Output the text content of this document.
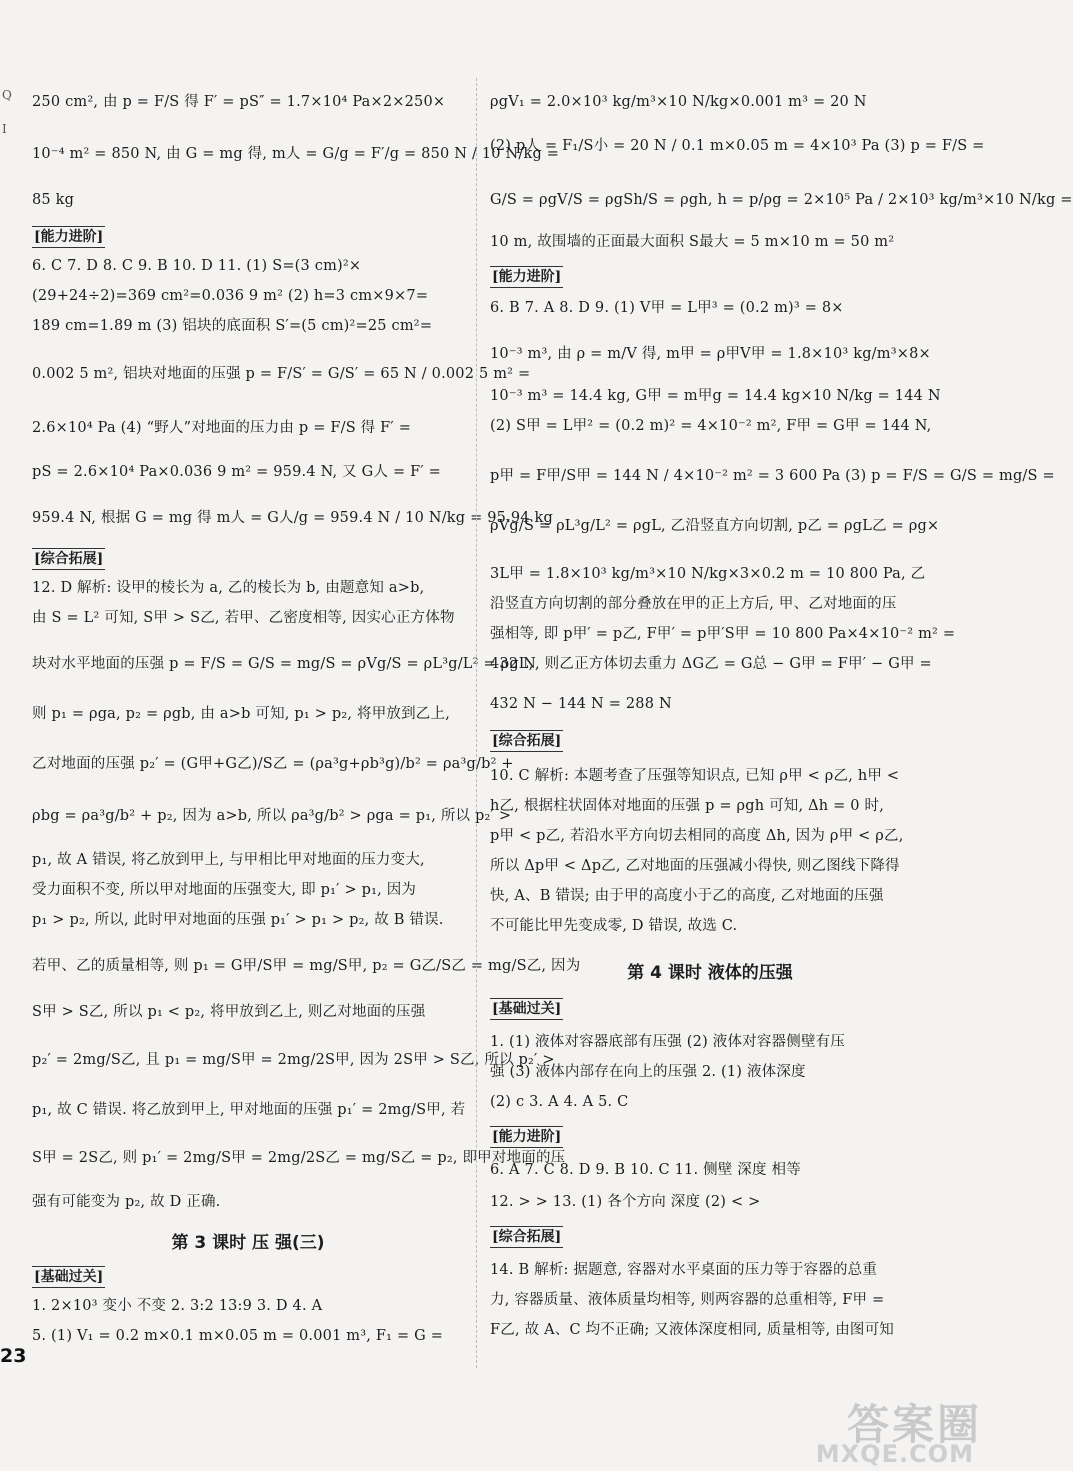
Q
I
250 cm², 由 p = F/S 得 F′ = pS″ = 1.7×10⁴ Pa×2×250×
10⁻⁴ m² = 850 N, 由 G = mg 得, m人 = G/g = F′/g = 850 N / 10 N/kg =
85 kg
[能力进阶]
6. C 7. D 8. C 9. B 10. D 11. (1) S=(3 cm)²×
(29+24÷2)=369 cm²=0.036 9 m² (2) h=3 cm×9×7=
189 cm=1.89 m (3) 铝块的底面积 S′=(5 cm)²=25 cm²=
0.002 5 m², 铝块对地面的压强 p = F/S′ = G/S′ = 65 N / 0.002 5 m² =
2.6×10⁴ Pa (4) “野人”对地面的压力由 p = F/S 得 F′ =
pS = 2.6×10⁴ Pa×0.036 9 m² = 959.4 N, 又 G人 = F′ =
959.4 N, 根据 G = mg 得 m人 = G人/g = 959.4 N / 10 N/kg = 95.94 kg
[综合拓展]
12. D 解析: 设甲的棱长为 a, 乙的棱长为 b, 由题意知 a>b,
由 S = L² 可知, S甲 > S乙, 若甲、乙密度相等, 因实心正方体物
块对水平地面的压强 p = F/S = G/S = mg/S = ρVg/S = ρL³g/L² = ρgL,
则 p₁ = ρga, p₂ = ρgb, 由 a>b 可知, p₁ > p₂, 将甲放到乙上,
乙对地面的压强 p₂′ = (G甲+G乙)/S乙 = (ρa³g+ρb³g)/b² = ρa³g/b² +
ρbg = ρa³g/b² + p₂, 因为 a>b, 所以 ρa³g/b² > ρga = p₁, 所以 p₂′ >
p₁, 故 A 错误, 将乙放到甲上, 与甲相比甲对地面的压力变大,
受力面积不变, 所以甲对地面的压强变大, 即 p₁′ > p₁, 因为
p₁ > p₂, 所以, 此时甲对地面的压强 p₁′ > p₁ > p₂, 故 B 错误.
若甲、乙的质量相等, 则 p₁ = G甲/S甲 = mg/S甲, p₂ = G乙/S乙 = mg/S乙, 因为
S甲 > S乙, 所以 p₁ < p₂, 将甲放到乙上, 则乙对地面的压强
p₂′ = 2mg/S乙, 且 p₁ = mg/S甲 = 2mg/2S甲, 因为 2S甲 > S乙, 所以 p₂′ >
p₁, 故 C 错误. 将乙放到甲上, 甲对地面的压强 p₁′ = 2mg/S甲, 若
S甲 = 2S乙, 则 p₁′ = 2mg/S甲 = 2mg/2S乙 = mg/S乙 = p₂, 即甲对地面的压
强有可能变为 p₂, 故 D 正确.
第 3 课时 压 强(三)
[基础过关]
1. 2×10³ 变小 不变 2. 3:2 13:9 3. D 4. A
5. (1) V₁ = 0.2 m×0.1 m×0.05 m = 0.001 m³, F₁ = G =
ρgV₁ = 2.0×10³ kg/m³×10 N/kg×0.001 m³ = 20 N
(2) p人 = F₁/S小 = 20 N / 0.1 m×0.05 m = 4×10³ Pa (3) p = F/S =
G/S = ρgV/S = ρgSh/S = ρgh, h = p/ρg = 2×10⁵ Pa / 2×10³ kg/m³×10 N/kg =
10 m, 故围墙的正面最大面积 S最大 = 5 m×10 m = 50 m²
[能力进阶]
6. B 7. A 8. D 9. (1) V甲 = L甲³ = (0.2 m)³ = 8×
10⁻³ m³, 由 ρ = m/V 得, m甲 = ρ甲V甲 = 1.8×10³ kg/m³×8×
10⁻³ m³ = 14.4 kg, G甲 = m甲g = 14.4 kg×10 N/kg = 144 N
(2) S甲 = L甲² = (0.2 m)² = 4×10⁻² m², F甲 = G甲 = 144 N,
p甲 = F甲/S甲 = 144 N / 4×10⁻² m² = 3 600 Pa (3) p = F/S = G/S = mg/S =
ρVg/S = ρL³g/L² = ρgL, 乙沿竖直方向切割, p乙 = ρgL乙 = ρg×
3L甲 = 1.8×10³ kg/m³×10 N/kg×3×0.2 m = 10 800 Pa, 乙
沿竖直方向切割的部分叠放在甲的正上方后, 甲、乙对地面的压
强相等, 即 p甲′ = p乙, F甲′ = p甲′S甲 = 10 800 Pa×4×10⁻² m² =
432 N, 则乙正方体切去重力 ΔG乙 = G总 − G甲 = F甲′ − G甲 =
432 N − 144 N = 288 N
[综合拓展]
10. C 解析: 本题考查了压强等知识点, 已知 ρ甲 < ρ乙, h甲 <
h乙, 根据柱状固体对地面的压强 p = ρgh 可知, Δh = 0 时,
p甲 < p乙, 若沿水平方向切去相同的高度 Δh, 因为 ρ甲 < ρ乙,
所以 Δp甲 < Δp乙, 乙对地面的压强减小得快, 则乙图线下降得
快, A、B 错误; 由于甲的高度小于乙的高度, 乙对地面的压强
不可能比甲先变成零, D 错误, 故选 C.
第 4 课时 液体的压强
[基础过关]
1. (1) 液体对容器底部有压强 (2) 液体对容器侧壁有压
强 (3) 液体内部存在向上的压强 2. (1) 液体深度
(2) c 3. A 4. A 5. C
[能力进阶]
6. A 7. C 8. D 9. B 10. C 11. 侧壁 深度 相等
12. > > 13. (1) 各个方向 深度 (2) < >
[综合拓展]
14. B 解析: 据题意, 容器对水平桌面的压力等于容器的总重
力, 容器质量、液体质量均相等, 则两容器的总重相等, F甲 =
F乙, 故 A、C 均不正确; 又液体深度相同, 质量相等, 由图可知
23
答案圈
MXQE.COM
